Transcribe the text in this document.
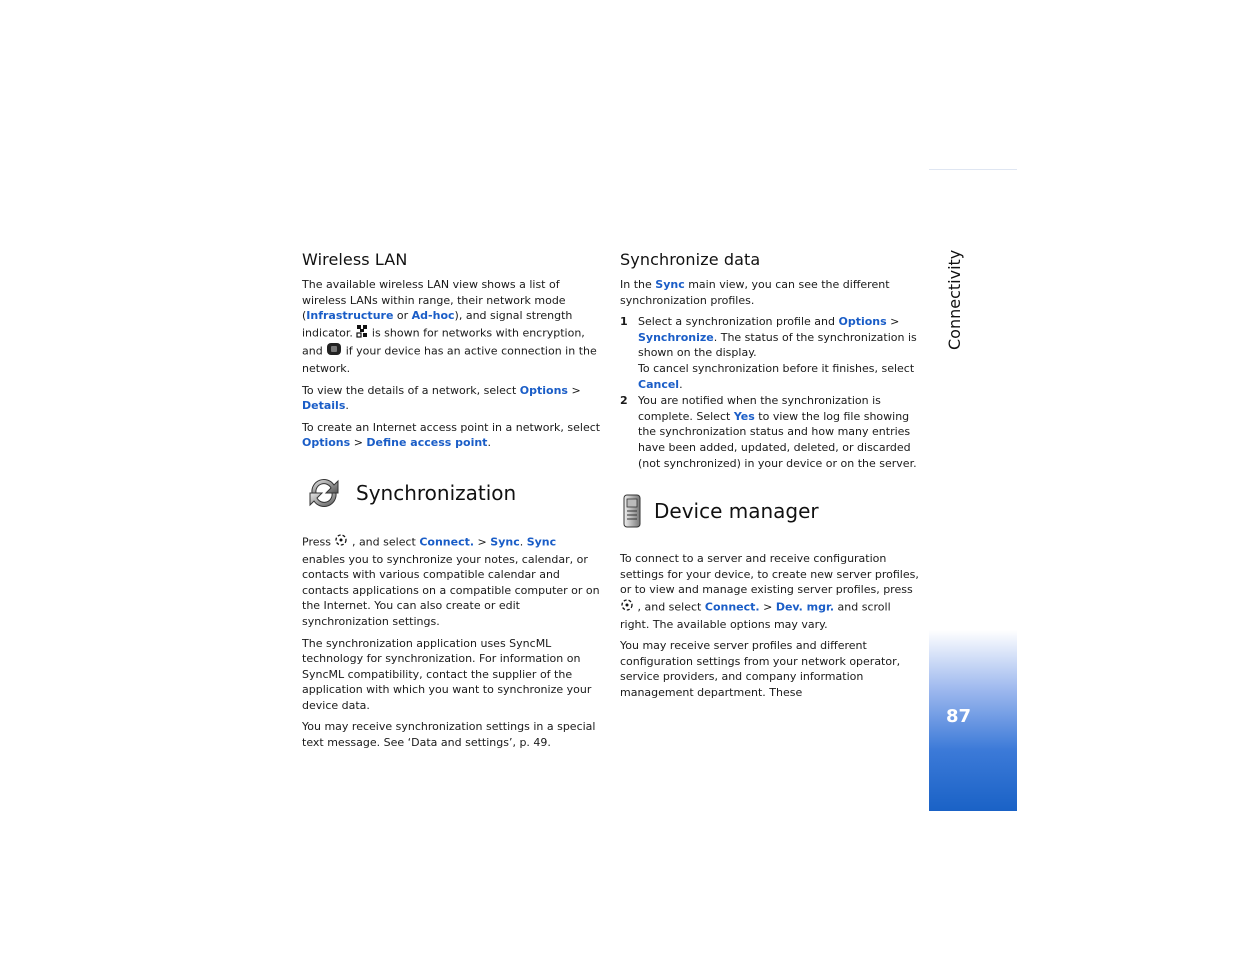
Connectivity
87
Wireless LAN

The available wireless LAN view shows a list of wireless LANs within range, their network mode (Infrastructure or Ad-hoc), and signal strength indicator.  is shown for networks with encryption, and  if your device has an active connection in the network.

To view the details of a network, select Options > Details.

To create an Internet access point in a network, select Options > Define access point.

Synchronization

Press  , and select Connect. > Sync. Sync enables you to synchronize your notes, calendar, or contacts with various compatible calendar and contacts applications on a compatible computer or on the Internet. You can also create or edit synchronization settings.

The synchronization application uses SyncML technology for synchronization. For information on SyncML compatibility, contact the supplier of the application with which you want to synchronize your device data.

You may receive synchronization settings in a special text message. See ‘Data and settings’, p. 49.

Synchronize data

In the Sync main view, you can see the different synchronization profiles.

1 Select a synchronization profile and Options > Synchronize. The status of the synchronization is shown on the display.
To cancel synchronization before it finishes, select Cancel.
2 You are notified when the synchronization is complete. Select Yes to view the log file showing the synchronization status and how many entries have been added, updated, deleted, or discarded (not synchronized) in your device or on the server.
Device manager

To connect to a server and receive configuration settings for your device, to create new server profiles, or to view and manage existing server profiles, press  , and select Connect. > Dev. mgr. and scroll right. The available options may vary.

You may receive server profiles and different configuration settings from your network operator, service providers, and company information management department. These
